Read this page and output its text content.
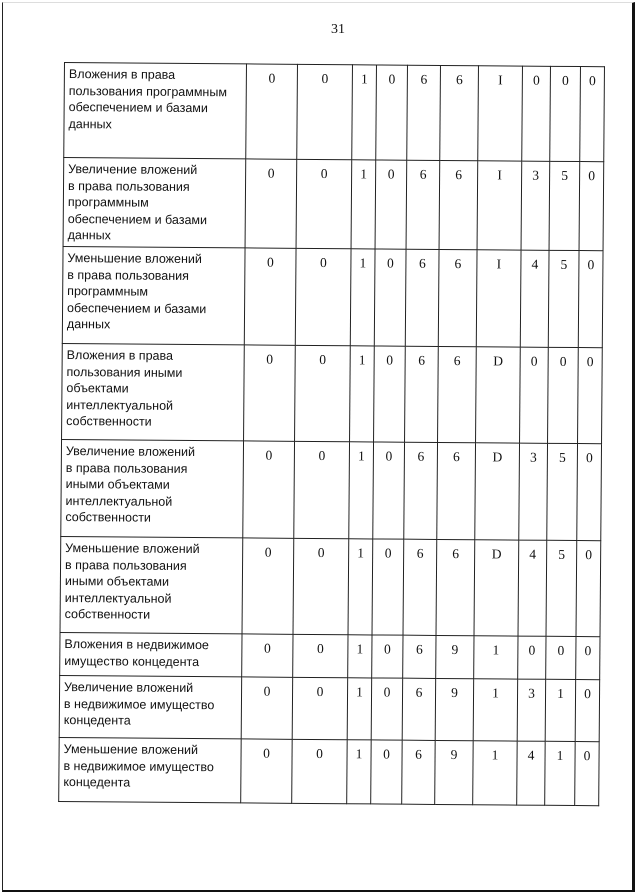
31
Вложения в права
пользования программным
обеспечением и базами
данных	0	0	1	0	6	6	I	0	0	0
Увеличение вложений
в права пользования
программным
обеспечением и базами
данных	0	0	1	0	6	6	I	3	5	0
Уменьшение вложений
в права пользования
программным
обеспечением и базами
данных	0	0	1	0	6	6	I	4	5	0
Вложения в права
пользования иными
объектами
интеллектуальной
собственности	0	0	1	0	6	6	D	0	0	0
Увеличение вложений
в права пользования
иными объектами
интеллектуальной
собственности	0	0	1	0	6	6	D	3	5	0
Уменьшение вложений
в права пользования
иными объектами
интеллектуальной
собственности	0	0	1	0	6	6	D	4	5	0
Вложения в недвижимое
имущество концедента	0	0	1	0	6	9	1	0	0	0
Увеличение вложений
в недвижимое имущество
концедента	0	0	1	0	6	9	1	3	1	0
Уменьшение вложений
в недвижимое имущество
концедента	0	0	1	0	6	9	1	4	1	0
